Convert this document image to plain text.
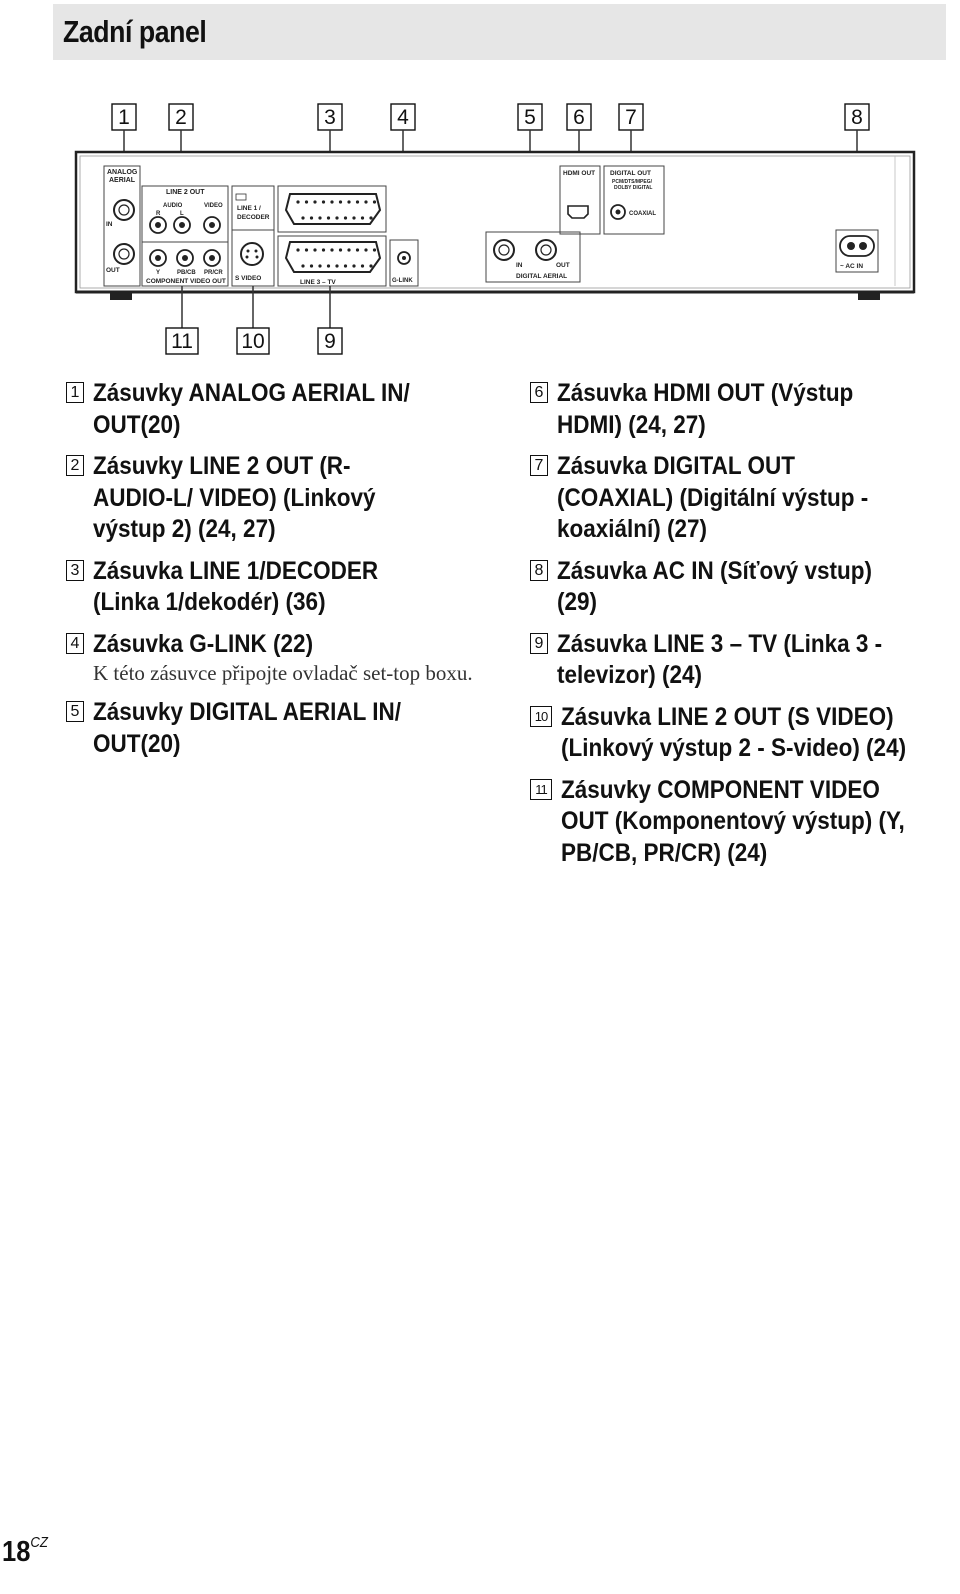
Zadní panel
1 2	3	4	5 6 7	8
ANALOG
AERIAL
IN
OUT
LINE 2 OUT
AUDIO
R	L
VIDEO
Y	PB/CB PR/CR
COMPONENT VIDEO OUT
LINE 1 /
DECODER
S VIDEO
LINE 3 – TV	G-LINK
IN	OUT
DIGITAL AERIAL
HDMI OUT DIGITAL OUT
PCM/DTS/MPEG/
DOLBY DIGITAL
COAXIAL
~ AC IN
11 10	9
1 Zásuvky ANALOG AERIAL IN/ OUT(20)
2 Zásuvky LINE 2 OUT (R-AUDIO-L/ VIDEO) (Linkový výstup 2) (24, 27)
3 Zásuvka LINE 1/DECODER (Linka 1/dekodér) (36)
4 Zásuvka G-LINK (22)
K této zásuvce připojte ovladač set-top boxu.
5 Zásuvky DIGITAL AERIAL IN/ OUT(20)
6 Zásuvka HDMI OUT (Výstup HDMI) (24, 27)
7 Zásuvka DIGITAL OUT (COAXIAL) (Digitální výstup - koaxiální) (27)
8 Zásuvka AC IN (Síťový vstup) (29)
9 Zásuvka LINE 3 – TV (Linka 3 - televizor) (24)
10 Zásuvka LINE 2 OUT (S VIDEO) (Linkový výstup 2 - S-video) (24)
11 Zásuvky COMPONENT VIDEO OUT (Komponentový výstup) (Y, PB/CB, PR/CR) (24)
$18^{CZ}$
